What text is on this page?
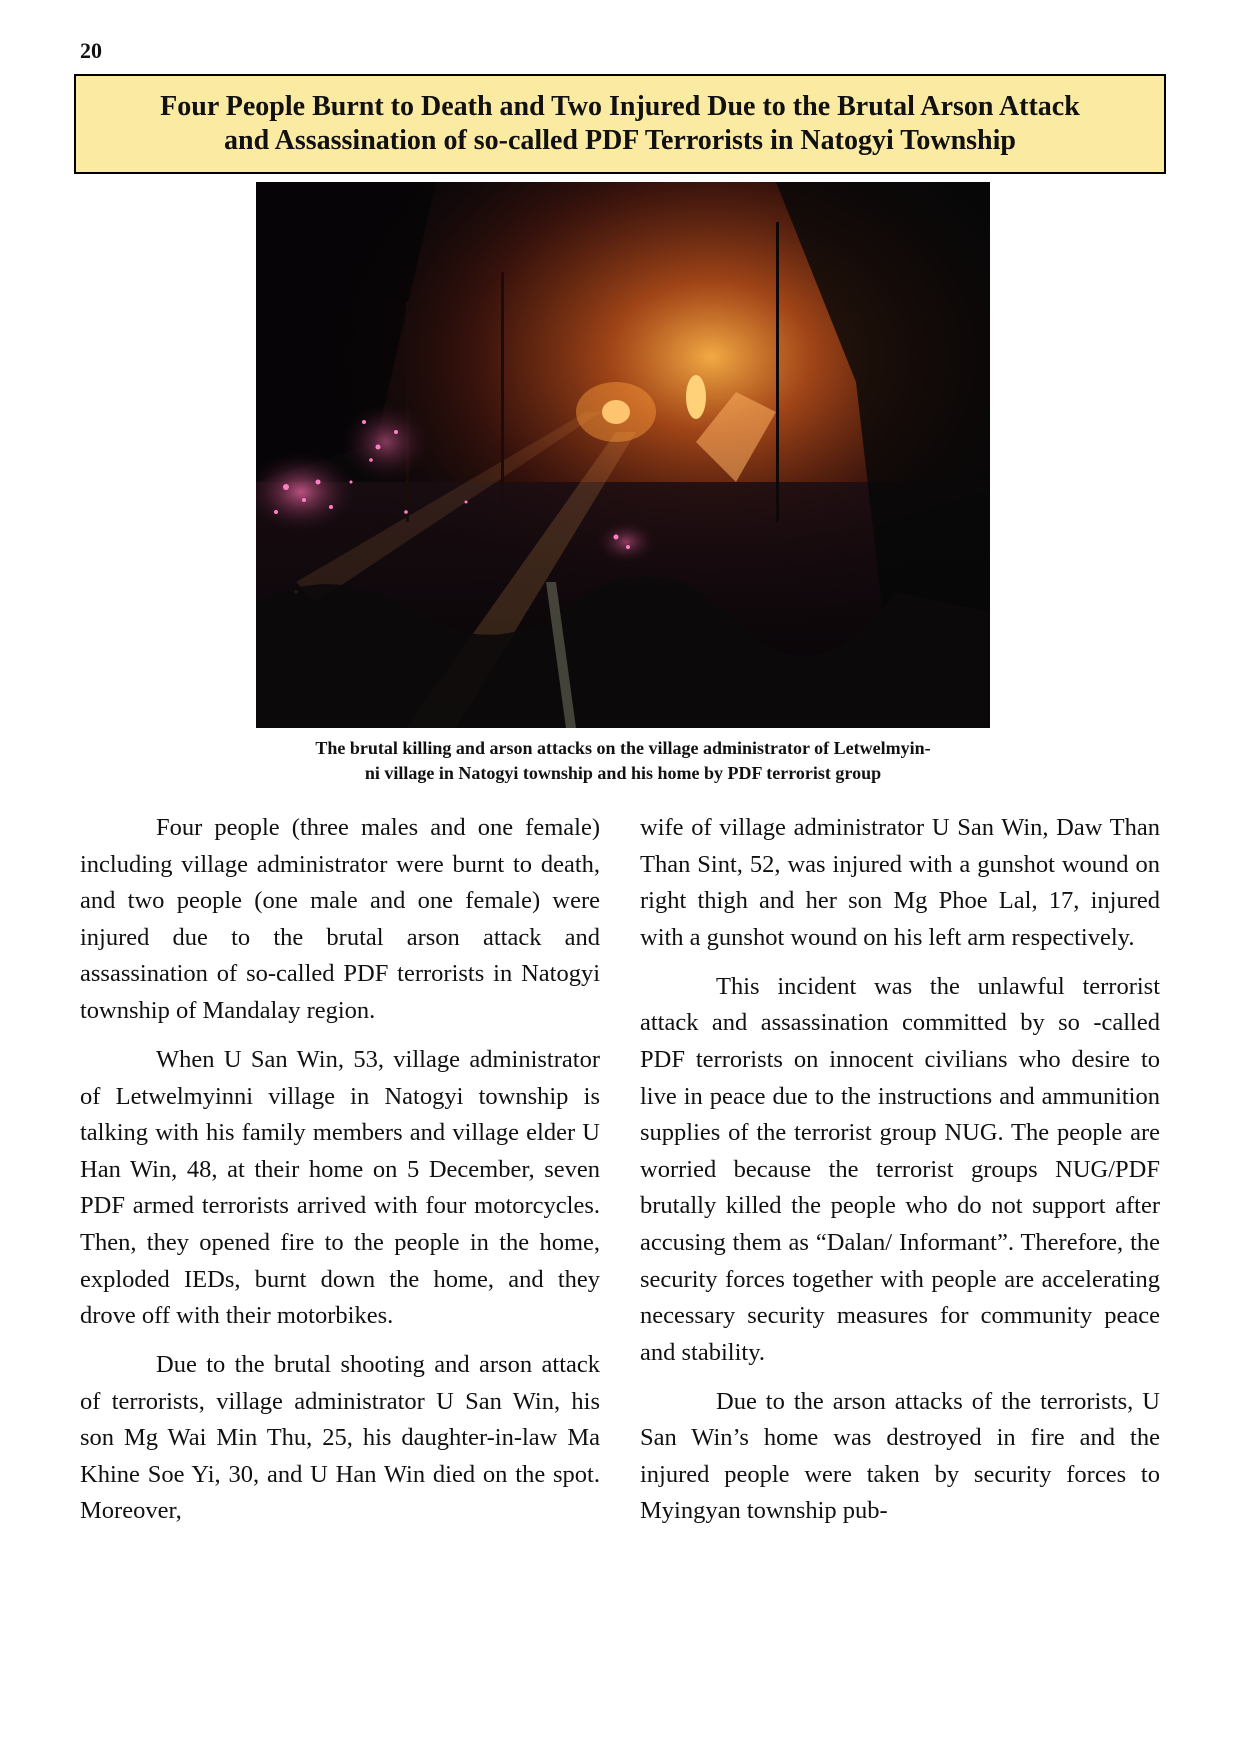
20
Four People Burnt to Death and Two Injured Due to the Brutal Arson Attack
and Assassination of so-called PDF Terrorists in Natogyi Township
The brutal killing and arson attacks on the village administrator of Letwelmyin-
ni village in Natogyi township and his home by PDF terrorist group

Four people (three males and one female) including village administrator were burnt to death, and two people (one male and one female) were injured due to the brutal arson attack and assassination of so-called PDF terrorists in Natogyi township of Mandalay region.

When U San Win, 53, village administrator of Letwelmyinni village in Natogyi township is talking with his family members and village elder U Han Win, 48, at their home on 5 December, seven PDF armed terrorists arrived with four motorcycles. Then, they opened fire to the people in the home, exploded IEDs, burnt down the home, and they drove off with their motorbikes.

Due to the brutal shooting and arson attack of terrorists, village administrator U San Win, his son Mg Wai Min Thu, 25, his daughter-in-law Ma Khine Soe Yi, 30, and U Han Win died on the spot. Moreover,

wife of village administrator U San Win, Daw Than Than Sint, 52, was injured with a gunshot wound on right thigh and her son Mg Phoe Lal, 17, injured with a gunshot wound on his left arm respectively.

This incident was the unlawful terrorist attack and assassination committed by so -called PDF terrorists on innocent civilians who desire to live in peace due to the instructions and ammunition supplies of the terrorist group NUG. The people are worried because the terrorist groups NUG/PDF brutally killed the people who do not support after accusing them as “Dalan/ Informant”. Therefore, the security forces together with people are accelerating necessary security measures for community peace and stability.

Due to the arson attacks of the terrorists, U San Win’s home was destroyed in fire and the injured people were taken by security forces to Myingyan township pub-
